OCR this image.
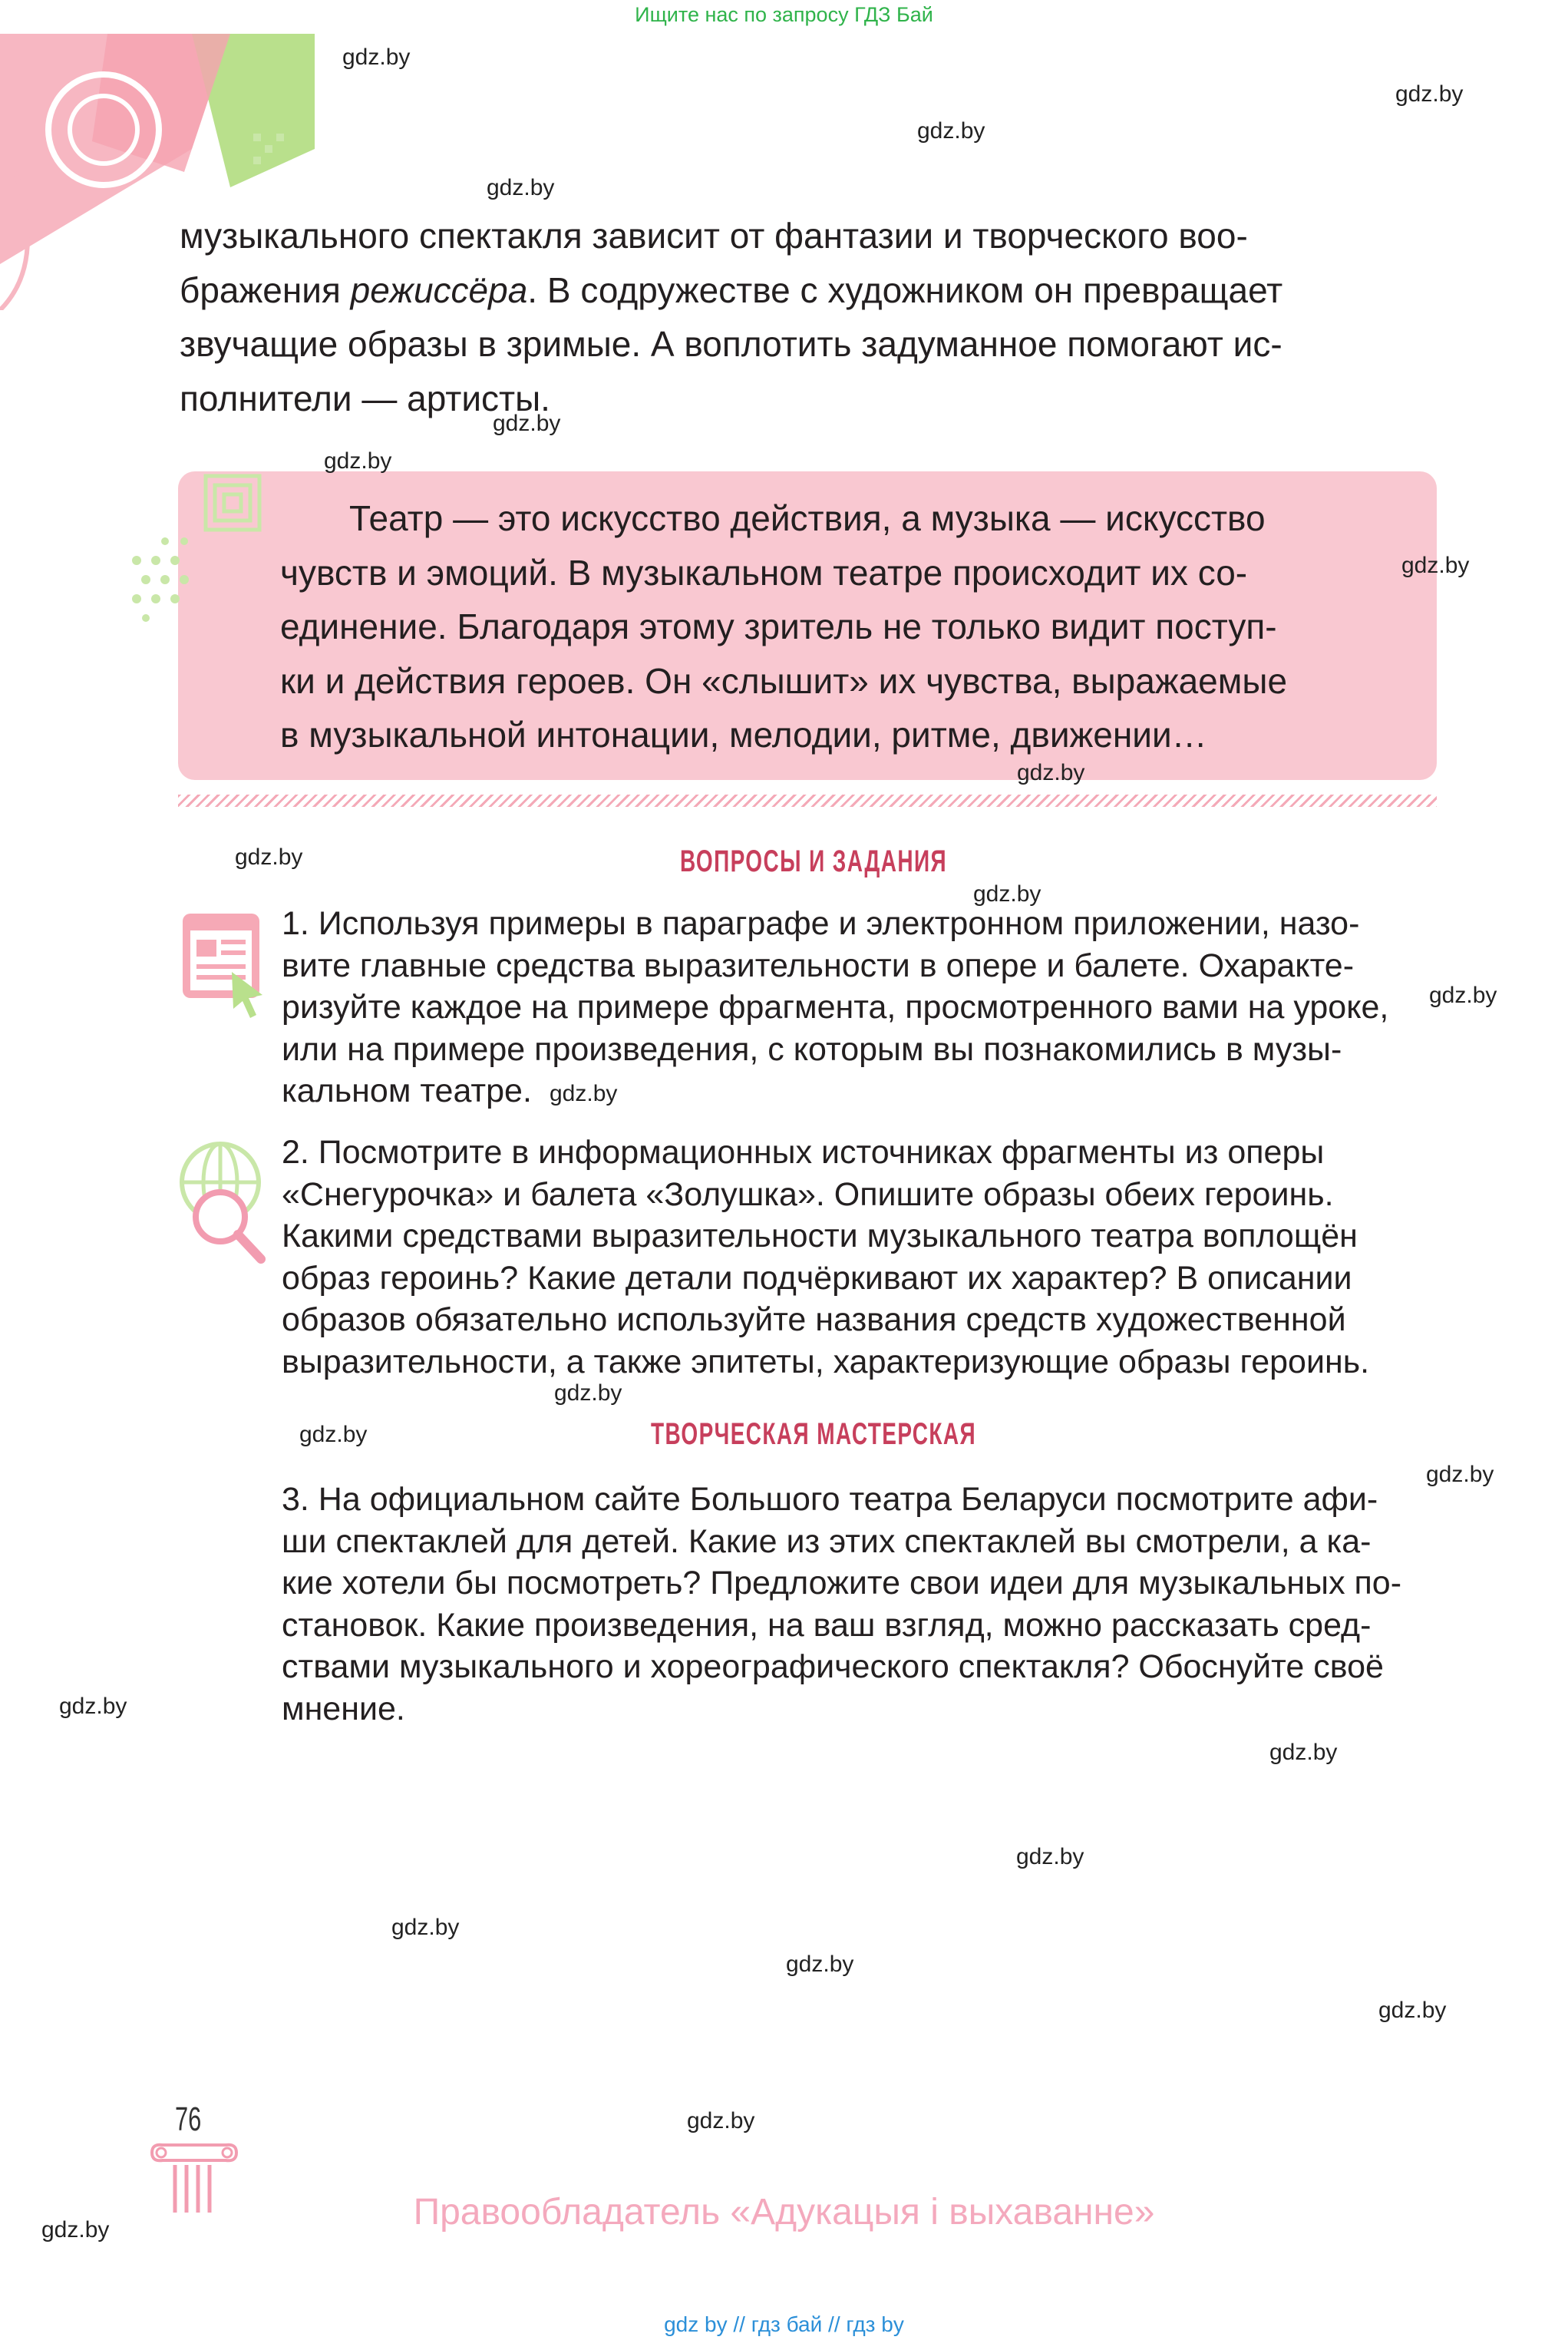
Ищите нас по запросу ГДЗ Бай
музыкального спектакля зависит от фантазии и творческого воо-
бражения режиссёра. В содружестве с художником он превращает
звучащие образы в зримые. А воплотить задуманное помогают ис-
полнители — артисты.
Театр — это искусство действия, а музыка — искусство
чувств и эмоций. В музыкальном театре происходит их со-
единение. Благодаря этому зритель не только видит поступ-
ки и действия героев. Он «слышит» их чувства, выражаемые
в музыкальной интонации, мелодии, ритме, движении…
ВОПРОСЫ И ЗАДАНИЯ
1. Используя примеры в параграфе и электронном приложении, назо-
вите главные средства выразительности в опере и балете. Охаракте-
ризуйте каждое на примере фрагмента, просмотренного вами на уроке,
или на примере произведения, с которым вы познакомились в музы-
кальном театре.
2. Посмотрите в информационных источниках фрагменты из оперы
«Снегурочка» и балета «Золушка». Опишите образы обеих героинь.
Какими средствами выразительности музыкального театра воплощён
образ героинь? Какие детали подчёркивают их характер? В описании
образов обязательно используйте названия средств художественной
выразительности, а также эпитеты, характеризующие образы героинь.
ТВОРЧЕСКАЯ МАСТЕРСКАЯ
3. На официальном сайте Большого театра Беларуси посмотрите афи-
ши спектаклей для детей. Какие из этих спектаклей вы смотрели, а ка-
кие хотели бы посмотреть? Предложите свои идеи для музыкальных по-
становок. Какие произведения, на ваш взгляд, можно рассказать сред-
ствами музыкального и хореографического спектакля? Обоснуйте своё
мнение.
76
Правообладатель «Адукацыя і выхаванне»
gdz by // гдз бай // гдз by
gdz.by
gdz.by
gdz.by
gdz.by
gdz.by
gdz.by
gdz.by
gdz.by
gdz.by
gdz.by
gdz.by
gdz.by
gdz.by
gdz.by
gdz.by
gdz.by
gdz.by
gdz.by
gdz.by
gdz.by
gdz.by
gdz.by
gdz.by
